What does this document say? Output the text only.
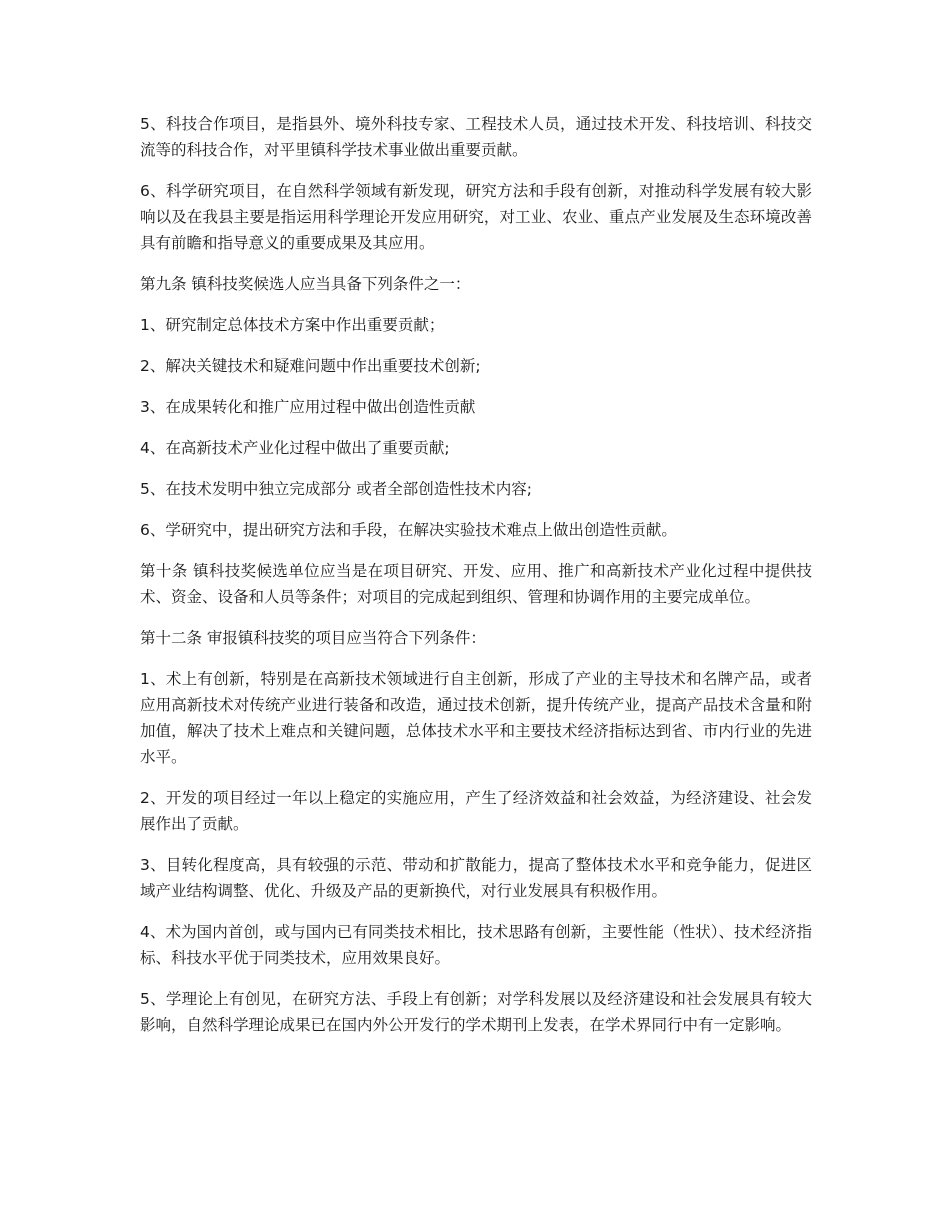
5、科技合作项目，是指县外、境外科技专家、工程技术人员，通过技术开发、科技培训、科技交流等的科技合作，对平里镇科学技术事业做出重要贡献。

6、科学研究项目，在自然科学领域有新发现，研究方法和手段有创新，对推动科学发展有较大影响以及在我县主要是指运用科学理论开发应用研究，对工业、农业、重点产业发展及生态环境改善具有前瞻和指导意义的重要成果及其应用。

第九条 镇科技奖候选人应当具备下列条件之一：

1、研究制定总体技术方案中作出重要贡献；

2、解决关键技术和疑难问题中作出重要技术创新;

3、在成果转化和推广应用过程中做出创造性贡献

4、在高新技术产业化过程中做出了重要贡献;

5、在技术发明中独立完成部分 或者全部创造性技术内容;

6、学研究中，提出研究方法和手段，在解决实验技术难点上做出创造性贡献。

第十条 镇科技奖候选单位应当是在项目研究、开发、应用、推广和高新技术产业化过程中提供技术、资金、设备和人员等条件；对项目的完成起到组织、管理和协调作用的主要完成单位。

第十二条 审报镇科技奖的项目应当符合下列条件：

1、术上有创新，特别是在高新技术领域进行自主创新，形成了产业的主导技术和名牌产品，或者应用高新技术对传统产业进行装备和改造，通过技术创新，提升传统产业，提高产品技术含量和附加值，解决了技术上难点和关键问题，总体技术水平和主要技术经济指标达到省、市内行业的先进水平。

2、开发的项目经过一年以上稳定的实施应用，产生了经济效益和社会效益，为经济建设、社会发展作出了贡献。

3、目转化程度高，具有较强的示范、带动和扩散能力，提高了整体技术水平和竞争能力，促进区域产业结构调整、优化、升级及产品的更新换代，对行业发展具有积极作用。

4、术为国内首创，或与国内已有同类技术相比，技术思路有创新，主要性能（性状）、技术经济指标、科技水平优于同类技术，应用效果良好。

5、学理论上有创见，在研究方法、手段上有创新；对学科发展以及经济建设和社会发展具有较大影响，自然科学理论成果已在国内外公开发行的学术期刊上发表，在学术界同行中有一定影响。
